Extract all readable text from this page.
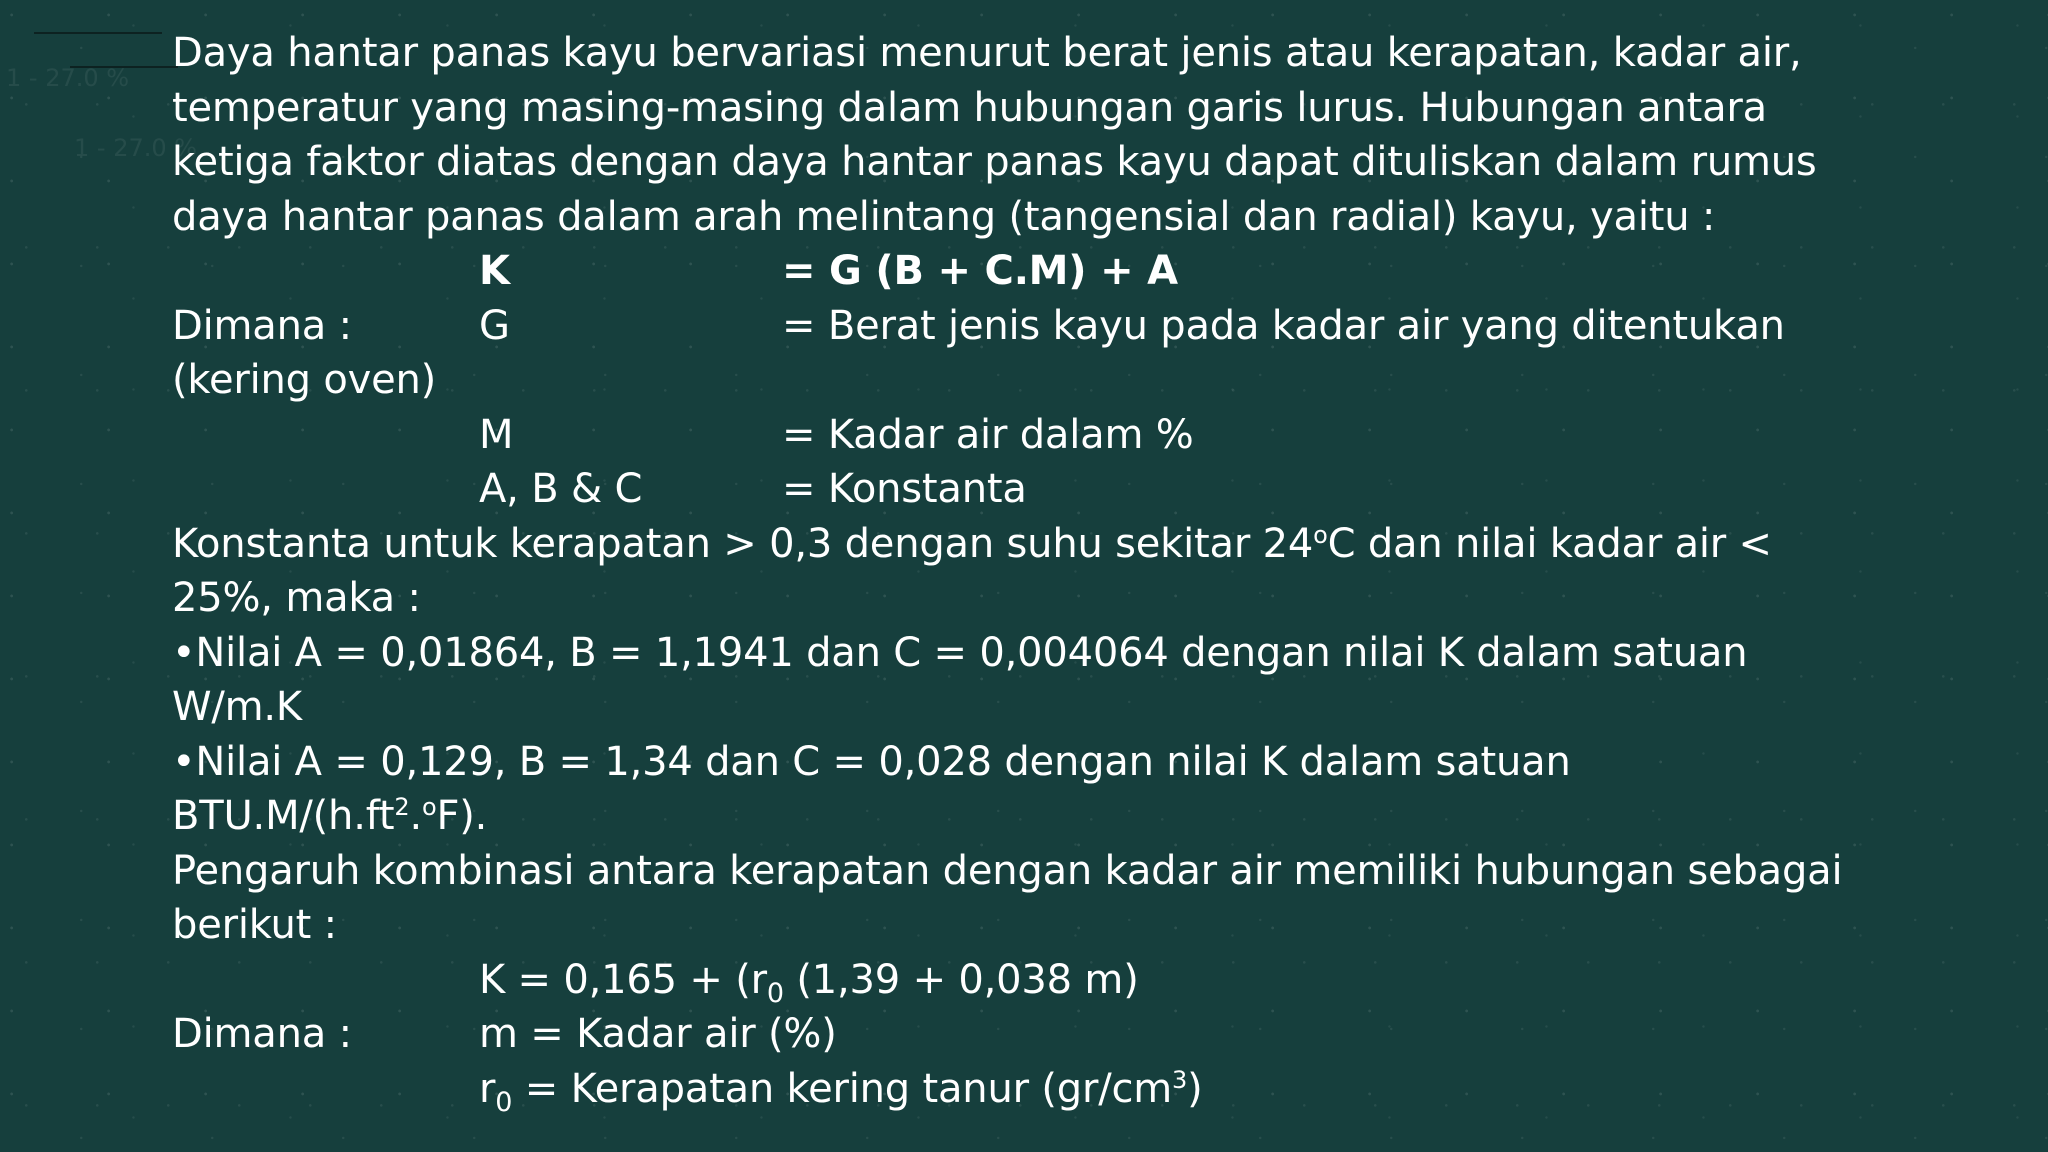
1 - 27.0 %
1 - 27.0 %
Daya hantar panas kayu bervariasi menurut berat jenis atau kerapatan, kadar air,
temperatur yang masing-masing dalam hubungan garis lurus. Hubungan antara
ketiga faktor diatas dengan daya hantar panas kayu dapat dituliskan dalam rumus
daya hantar panas dalam arah melintang (tangensial dan radial) kayu, yaitu :
K	= G (B + C.M) + A
Dimana :	G	= Berat jenis kayu pada kadar air yang ditentukan
(kering oven)
M	= Kadar air dalam %
A, B & C	= Konstanta
Konstanta untuk kerapatan > 0,3 dengan suhu sekitar 24$^o$C dan nilai kadar air <
25%, maka :
•Nilai A = 0,01864, B = 1,1941 dan C = 0,004064 dengan nilai K dalam satuan
W/m.K
•Nilai A = 0,129, B = 1,34 dan C = 0,028 dengan nilai K dalam satuan
$BTU.M/(h.ft^2.^oF)$.
Pengaruh kombinasi antara kerapatan dengan kadar air memiliki hubungan sebagai
berikut :
$K = 0,165 + (r_0$ (1,39 + 0,038 m)
Dimana :	m = Kadar air (%)
$r_0$ = Kerapatan kering tanur $(gr/cm^3)$
